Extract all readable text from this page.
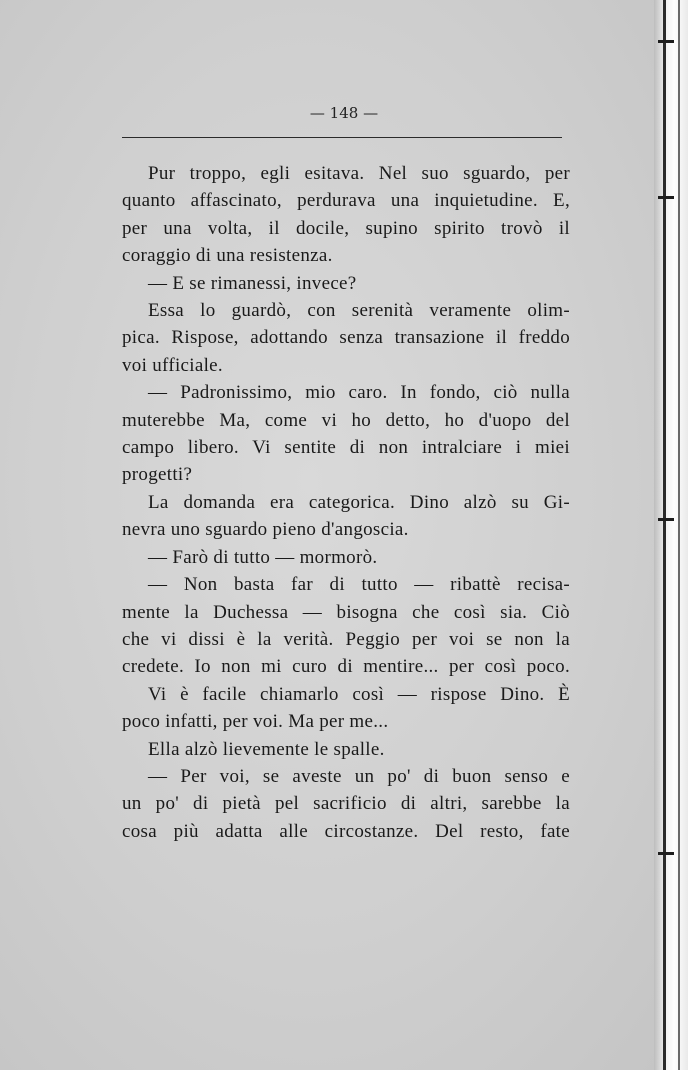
— 148 —
Pur troppo, egli esitava. Nel suo sguardo, per
quanto affascinato, perdurava una inquietudine. E,
per una volta, il docile, supino spirito trovò il
coraggio di una resistenza.
— E se rimanessi, invece?
Essa lo guardò, con serenità veramente olim-
pica. Rispose, adottando senza transazione il freddo
voi ufficiale.
— Padronissimo, mio caro. In fondo, ciò nulla
muterebbe Ma, come vi ho detto, ho d'uopo del
campo libero. Vi sentite di non intralciare i miei
progetti?
La domanda era categorica. Dino alzò su Gi-
nevra uno sguardo pieno d'angoscia.
— Farò di tutto — mormorò.
— Non basta far di tutto — ribattè recisa-
mente la Duchessa — bisogna che così sia. Ciò
che vi dissi è la verità. Peggio per voi se non la
credete. Io non mi curo di mentire... per così poco.
Vi è facile chiamarlo così — rispose Dino. È
poco infatti, per voi. Ma per me...
Ella alzò lievemente le spalle.
— Per voi, se aveste un po' di buon senso e
un po' di pietà pel sacrificio di altri, sarebbe la
cosa più adatta alle circostanze. Del resto, fate
